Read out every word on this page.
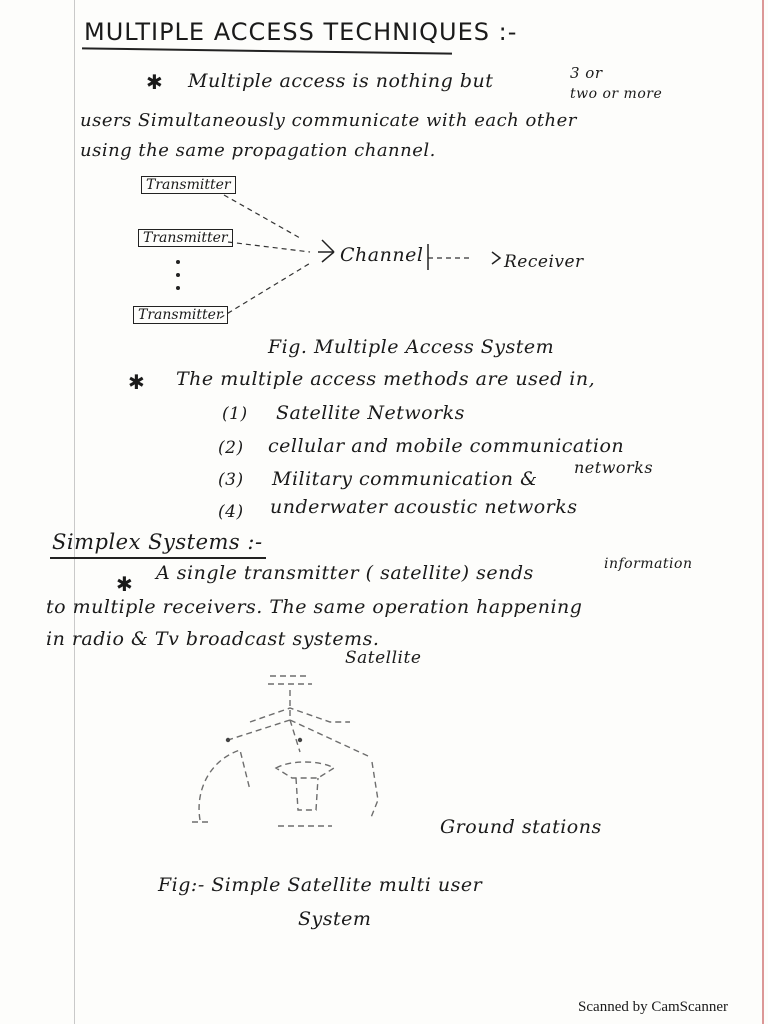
MULTIPLE ACCESS TECHNIQUES :-
✱ Multiple access is nothing but	3 or
two or more
users Simultaneously communicate with each other
using the same propagation channel.
Transmitter
Transmitter
Transmitter
Channel	Receiver
Fig. Multiple Access System
✱ The multiple access methods are used in,
(1) Satellite Networks
(2) cellular and mobile communication
(3) Military communication &
networks
(4) underwater acoustic networks
Simplex Systems :-
✱ A single transmitter ( satellite) sends	information
to multiple receivers. The same operation happening
in radio & Tv broadcast systems.
Satellite
Ground stations
Fig:- Simple Satellite multi user
System
Scanned by CamScanner
